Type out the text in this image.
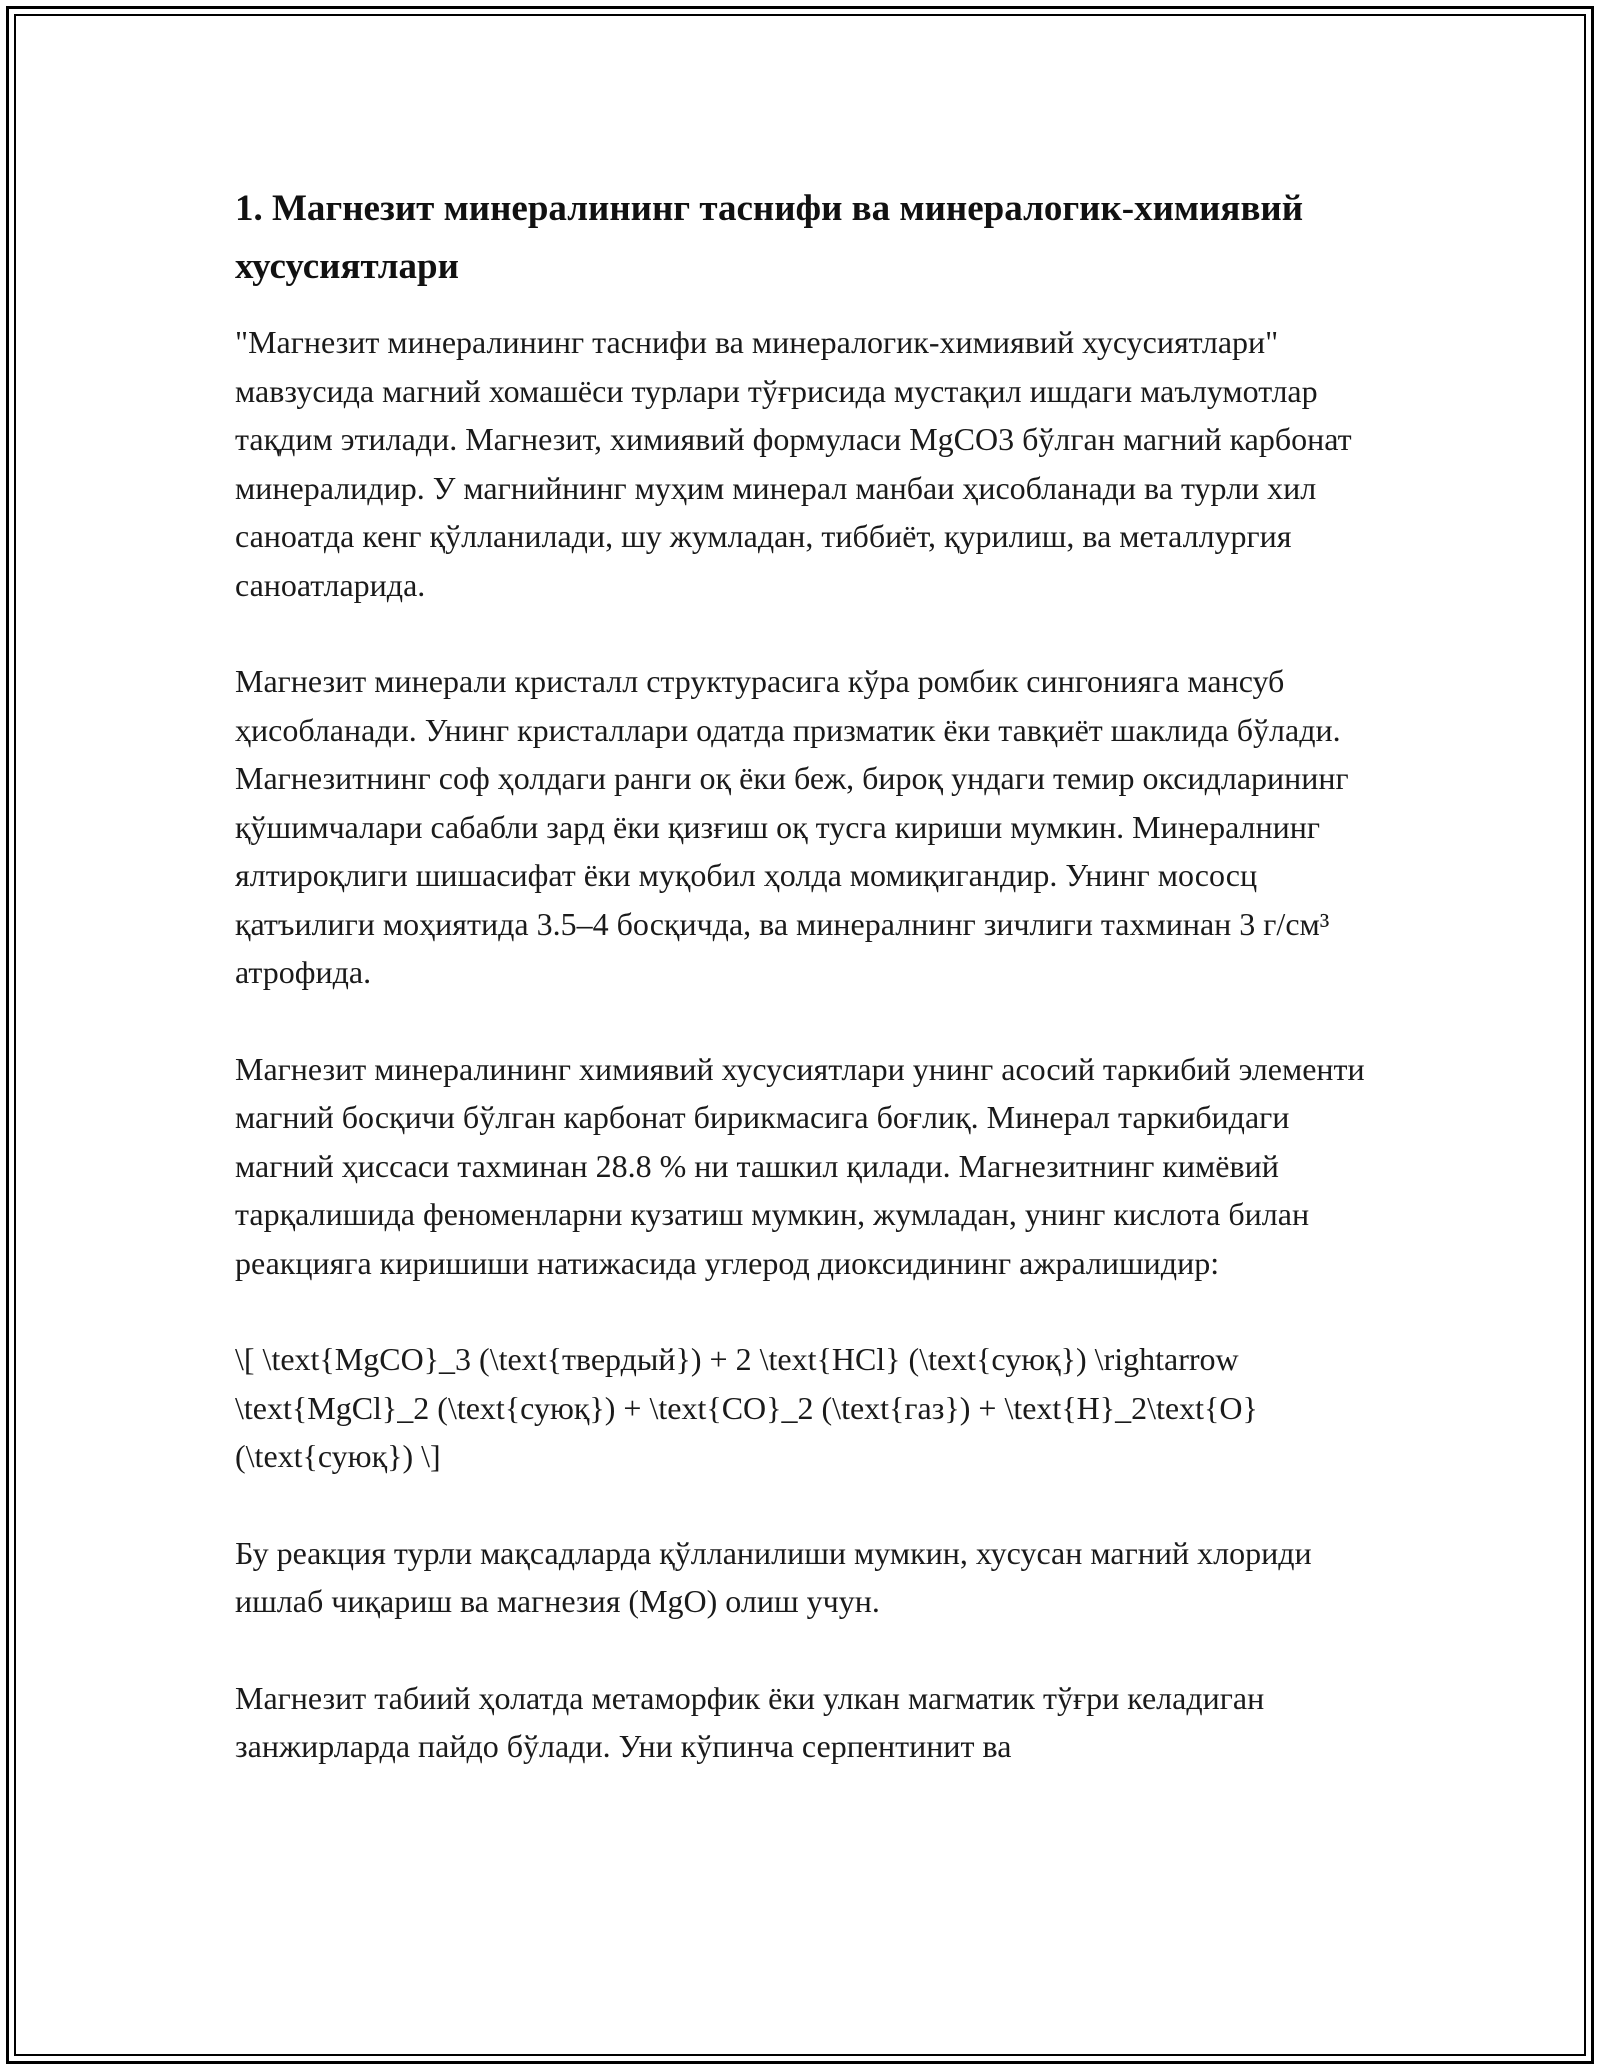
1. Магнезит минералининг таснифи ва минералогик-химиявий хусусиятлари

"Магнезит минералининг таснифи ва минералогик-химиявий хусусиятлари" мавзусида магний хомашёси турлари тўғрисида мустақил ишдаги маълумотлар тақдим этилади. Магнезит, химиявий формуласи MgCO3 бўлган магний карбонат минералидир. У магнийнинг муҳим минерал манбаи ҳисобланади ва турли хил саноатда кенг қўлланилади, шу жумладан, тиббиёт, қурилиш, ва металлургия саноатларида.

Магнезит минерали кристалл структурасига кўра ромбик сингонияга мансуб ҳисобланади. Унинг кристаллари одатда призматик ёки тавқиёт шаклида бўлади. Магнезитнинг соф ҳолдаги ранги оқ ёки беж, бироқ ундаги темир оксидларининг қўшимчалари сабабли зард ёки қизғиш оқ тусга кириши мумкин. Минералнинг ялтироқлиги шишасифат ёки муқобил ҳолда момиқигандир. Унинг мососц қатъилиги моҳиятида 3.5–4 босқичда, ва минералнинг зичлиги тахминан 3 г/см³ атрофида.

Магнезит минералининг химиявий хусусиятлари унинг асосий таркибий элементи магний босқичи бўлган карбонат бирикмасига боғлиқ. Минерал таркибидаги магний ҳиссаси тахминан 28.8 % ни ташкил қилади. Магнезитнинг кимёвий тарқалишида феноменларни кузатиш мумкин, жумладан, унинг кислота билан реакцияга киришиши натижасида углерод диоксидининг ажралишидир:

\[ \text{MgCO}_3 (\text{твердый}) + 2 \text{HCl} (\text{суюқ}) \rightarrow \text{MgCl}_2 (\text{суюқ}) + \text{CO}_2 (\text{газ}) + \text{H}_2\text{O} (\text{суюқ}) \]

Бу реакция турли мақсадларда қўлланилиши мумкин, хусусан магний хлориди ишлаб чиқариш ва магнезия (MgO) олиш учун.

Магнезит табиий ҳолатда метаморфик ёки улкан магматик тўғри келадиган занжирларда пайдо бўлади. Уни кўпинча серпентинит ва
